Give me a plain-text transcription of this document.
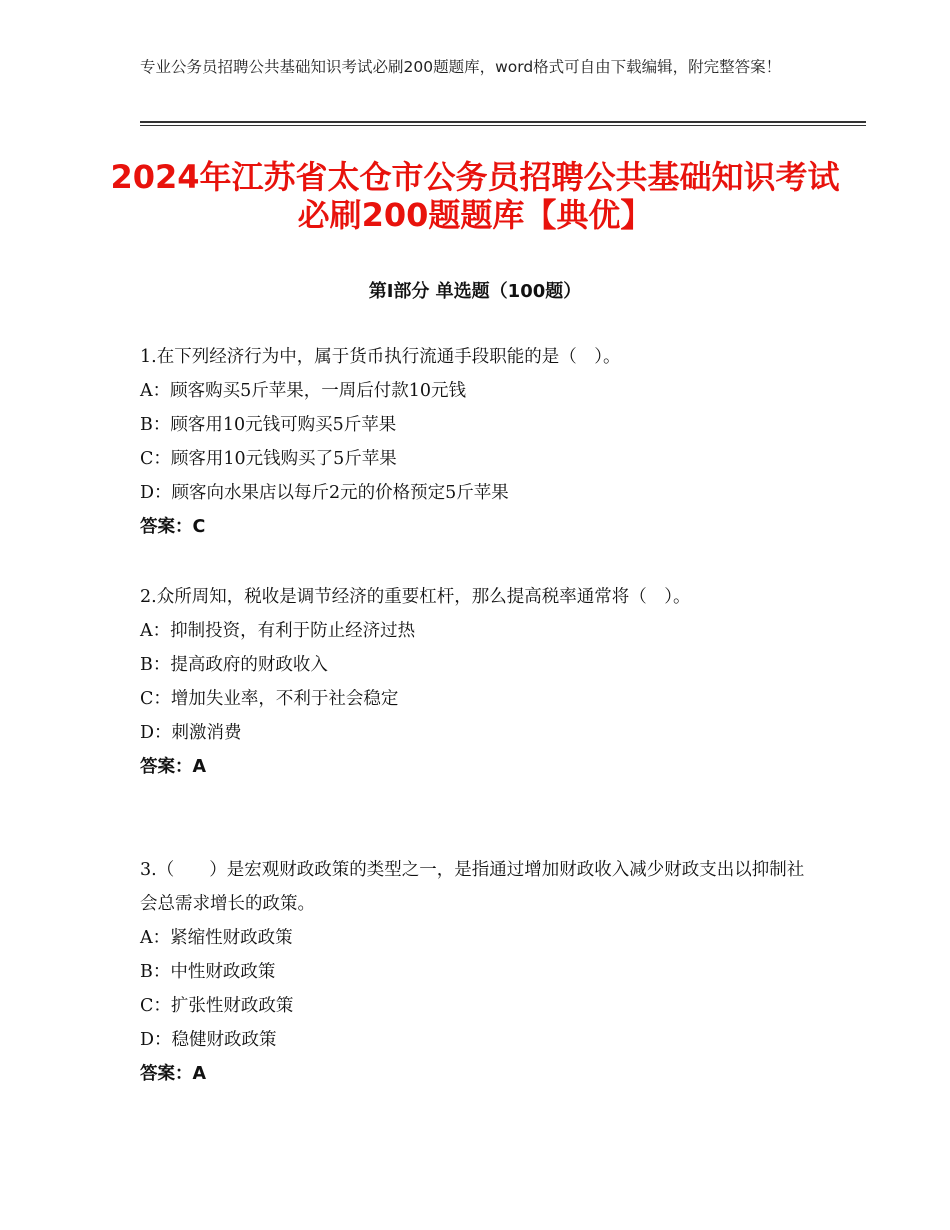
专业公务员招聘公共基础知识考试必刷200题题库，word格式可自由下载编辑，附完整答案！
2024年江苏省太仓市公务员招聘公共基础知识考试必刷200题题库【典优】
第Ⅰ部分 单选题（100题）

1.在下列经济行为中，属于货币执行流通手段职能的是（　）。

A：顾客购买5斤苹果，一周后付款10元钱

B：顾客用10元钱可购买5斤苹果

C：顾客用10元钱购买了5斤苹果

D：顾客向水果店以每斤2元的价格预定5斤苹果

答案：C

2.众所周知，税收是调节经济的重要杠杆，那么提高税率通常将（　）。

A：抑制投资，有利于防止经济过热

B：提高政府的财政收入

C：增加失业率，不利于社会稳定

D：刺激消费

答案：A

3.（　　）是宏观财政政策的类型之一，是指通过增加财政收入减少财政支出以抑制社会总需求增长的政策。

A：紧缩性财政政策

B：中性财政政策

C：扩张性财政政策

D：稳健财政政策

答案：A
